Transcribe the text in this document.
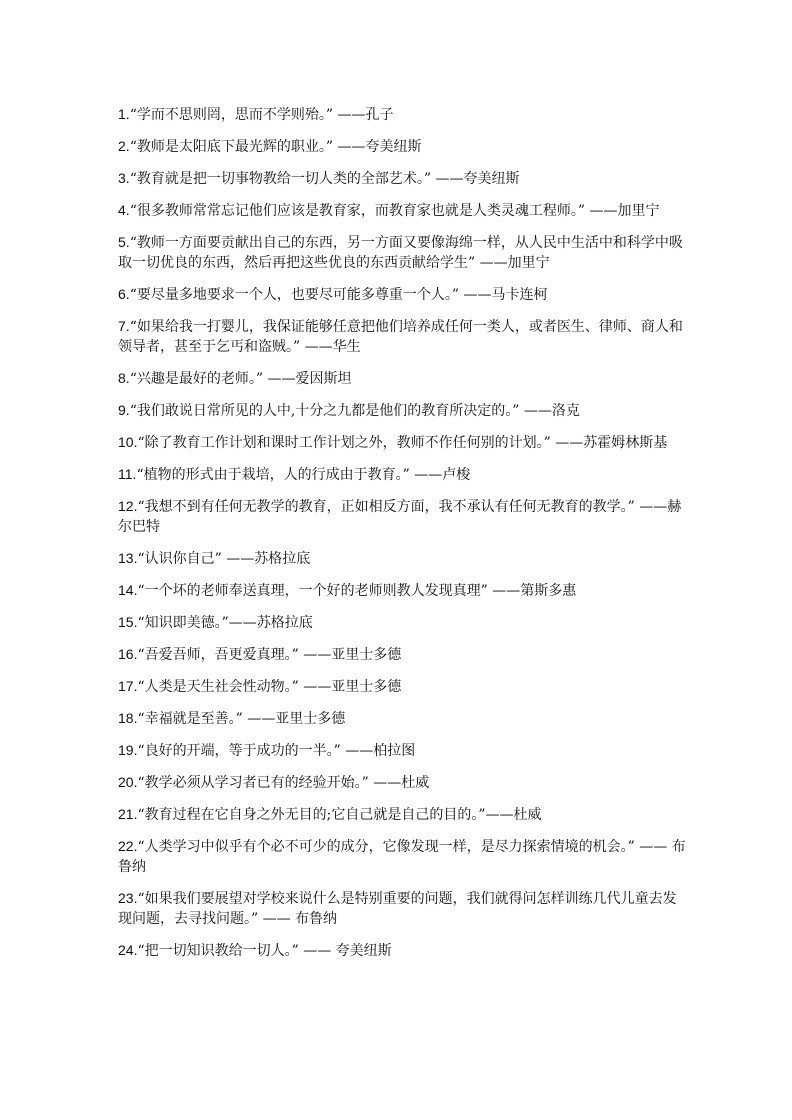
1.“学而不思则罔，思而不学则殆。” ——孔子

2.“教师是太阳底下最光辉的职业。” ——夸美纽斯

3.“教育就是把一切事物教给一切人类的全部艺术。” ——夸美纽斯

4.“很多教师常常忘记他们应该是教育家，而教育家也就是人类灵魂工程师。” ——加里宁

5.“教师一方面要贡献出自己的东西，另一方面又要像海绵一样，从人民中生活中和科学中吸取一切优良的东西，然后再把这些优良的东西贡献给学生” ——加里宁

6.“要尽量多地要求一个人，也要尽可能多尊重一个人。” ——马卡连柯

7.“如果给我一打婴儿，我保证能够任意把他们培养成任何一类人，或者医生、律师、商人和领导者，甚至于乞丐和盗贼。” ——华生

8.“兴趣是最好的老师。” ——爱因斯坦

9.“我们敢说日常所见的人中,十分之九都是他们的教育所决定的。” ——洛克

10.“除了教育工作计划和课时工作计划之外，教师不作任何别的计划。” ——苏霍姆林斯基

11.“植物的形式由于栽培，人的行成由于教育。” ——卢梭

12.“我想不到有任何无教学的教育，正如相反方面，我不承认有任何无教育的教学。” ——赫尔巴特

13.“认识你自己” ——苏格拉底

14.“一个坏的老师奉送真理，一个好的老师则教人发现真理” ——第斯多惠

15.“知识即美德。”——苏格拉底

16.“吾爱吾师，吾更爱真理。” ——亚里士多德

17.“人类是天生社会性动物。” ——亚里士多德

18.“幸福就是至善。” ——亚里士多德

19.“良好的开端，等于成功的一半。” ——柏拉图

20.“教学必须从学习者已有的经验开始。” ——杜威

21.“教育过程在它自身之外无目的;它自己就是自己的目的。”——杜威

22.“人类学习中似乎有个必不可少的成分，它像发现一样，是尽力探索情境的机会。” —— 布鲁纳

23.“如果我们要展望对学校来说什么是特别重要的问题，我们就得问怎样训练几代儿童去发现问题，去寻找问题。” —— 布鲁纳

24.“把一切知识教给一切人。” —— 夸美纽斯
